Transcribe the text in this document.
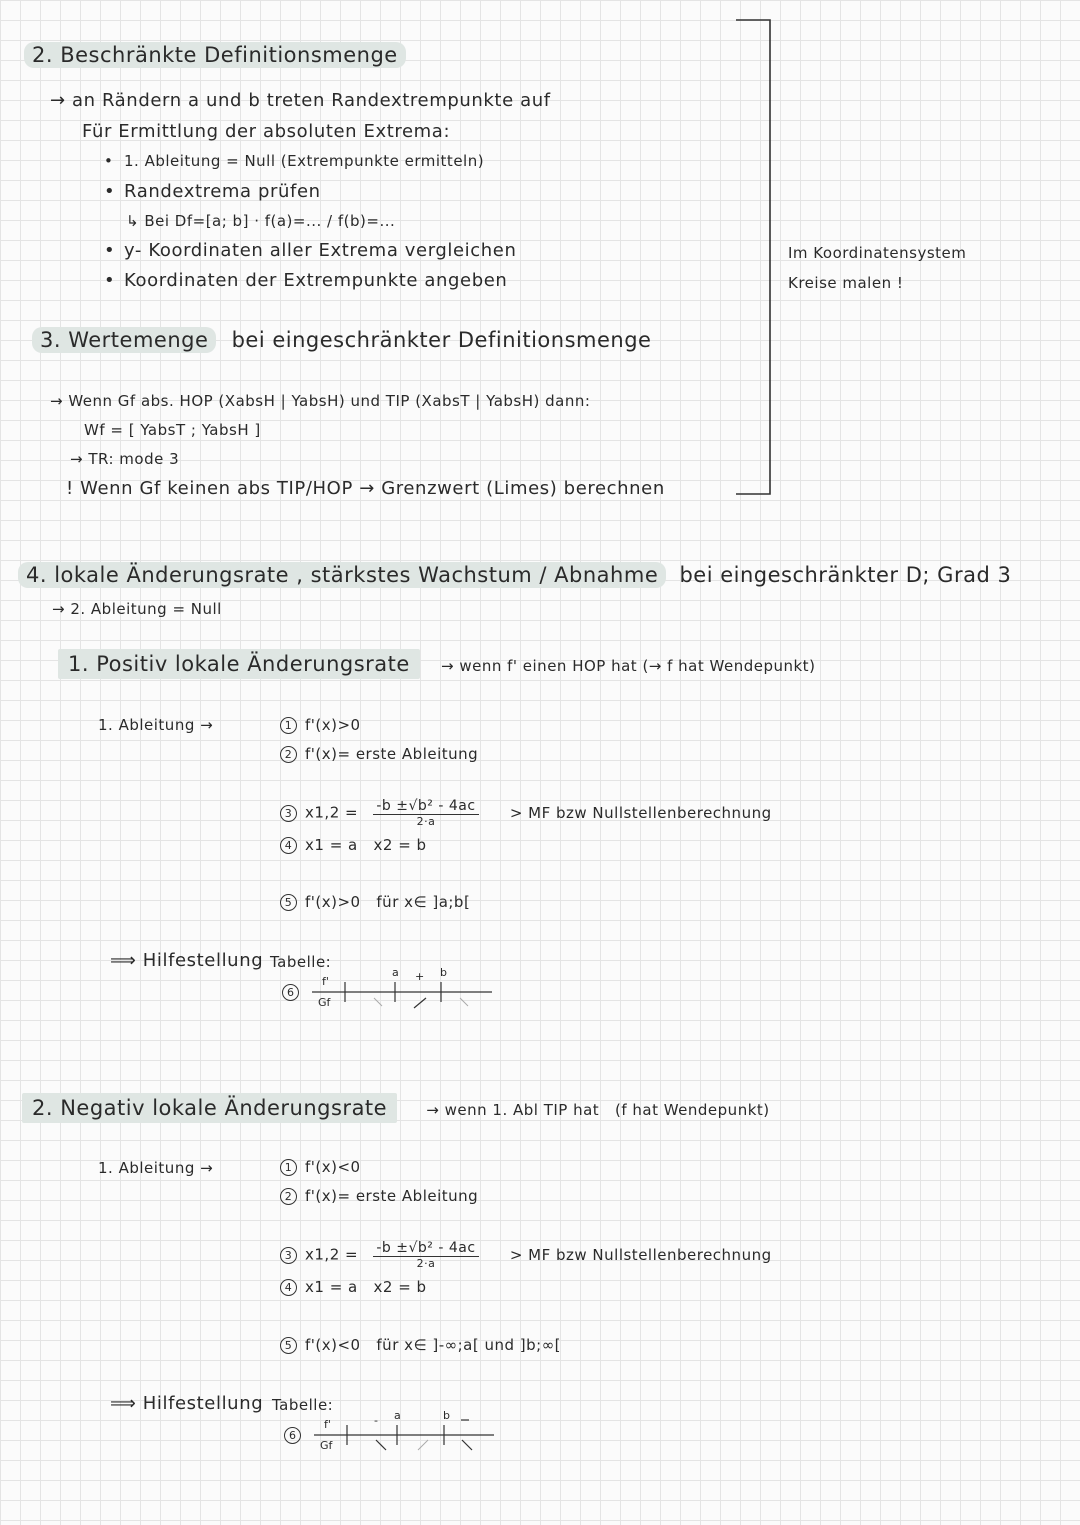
2. Beschränkte Definitionsmenge
→ an Rändern a und b treten Randextrempunkte auf
Für Ermittlung der absoluten Extrema:
• 1. Ableitung = Null (Extrempunkte ermitteln)
• Randextrema prüfen
↳ Bei Df=[a; b] · f(a)=... / f(b)=...
• y- Koordinaten aller Extrema vergleichen
• Koordinaten der Extrempunkte angeben
Im Koordinatensystem
Kreise malen !
3. Wertemenge bei eingeschränkter Definitionsmenge
→ Wenn Gf abs. HOP (XabsH | YabsH) und TIP (XabsT | YabsH) dann:
Wf = [ YabsT ; YabsH ]
→ TR: mode 3
! Wenn Gf keinen abs TIP/HOP → Grenzwert (Limes) berechnen
4. lokale Änderungsrate , stärkstes Wachstum / Abnahme bei eingeschränkter D; Grad 3
→ 2. Ableitung = Null
1. Positiv lokale Änderungsrate → wenn f' einen HOP hat (→ f hat Wendepunkt)
1. Ableitung →	1 f'(x)>0
2 f'(x)= erste Ableitung
3 $x1,2 = \frac{\text{-b ±√b² - 4ac}}{2\cdot a}$ > MF bzw Nullstellenberechnung
4 x1 = a   x2 = b
5 f'(x)>0   für x∈ ]a;b[
⟹ Hilfestellung Tabelle:
6
f'
Gf
a	b
+
2. Negativ lokale Änderungsrate	→ wenn 1. Abl TIP hat   (f hat Wendepunkt)
1. Ableitung →	1 f'(x)<0
2 f'(x)= erste Ableitung
3 $x1,2 = \frac{\text{-b ±√b² - 4ac}}{2\cdot a}$ > MF bzw Nullstellenberechnung
4 x1 = a   x2 = b
5 f'(x)<0   für x∈ ]-∞;a[ und ]b;∞[
⟹ Hilfestellung Tabelle:
6
f'
Gf
a	b
-
